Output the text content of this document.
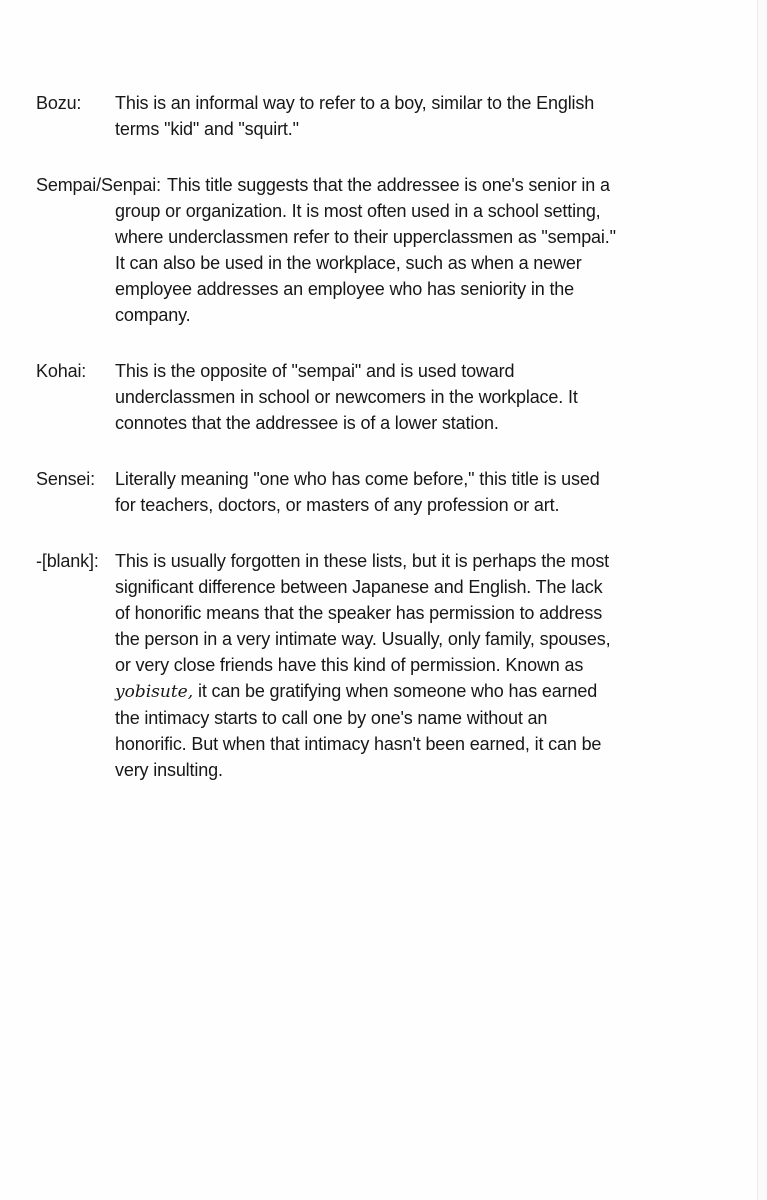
Bozu: This is an informal way to refer to a boy, similar to the English terms "kid" and "squirt."

Sempai/Senpai: This title suggests that the addressee is one's senior in a group or organization. It is most often used in a school setting, where underclassmen refer to their upperclassmen as "sempai." It can also be used in the workplace, such as when a newer employee addresses an employee who has seniority in the company.

Kohai: This is the opposite of "sempai" and is used toward underclassmen in school or newcomers in the workplace. It connotes that the addressee is of a lower station.

Sensei: Literally meaning "one who has come before," this title is used for teachers, doctors, or masters of any profession or art.

-[blank]: This is usually forgotten in these lists, but it is perhaps the most significant difference between Japanese and English. The lack of honorific means that the speaker has permission to address the person in a very intimate way. Usually, only family, spouses, or very close friends have this kind of permission. Known as yobisute, it can be gratifying when someone who has earned the intimacy starts to call one by one's name without an honorific. But when that intimacy hasn't been earned, it can be very insulting.
